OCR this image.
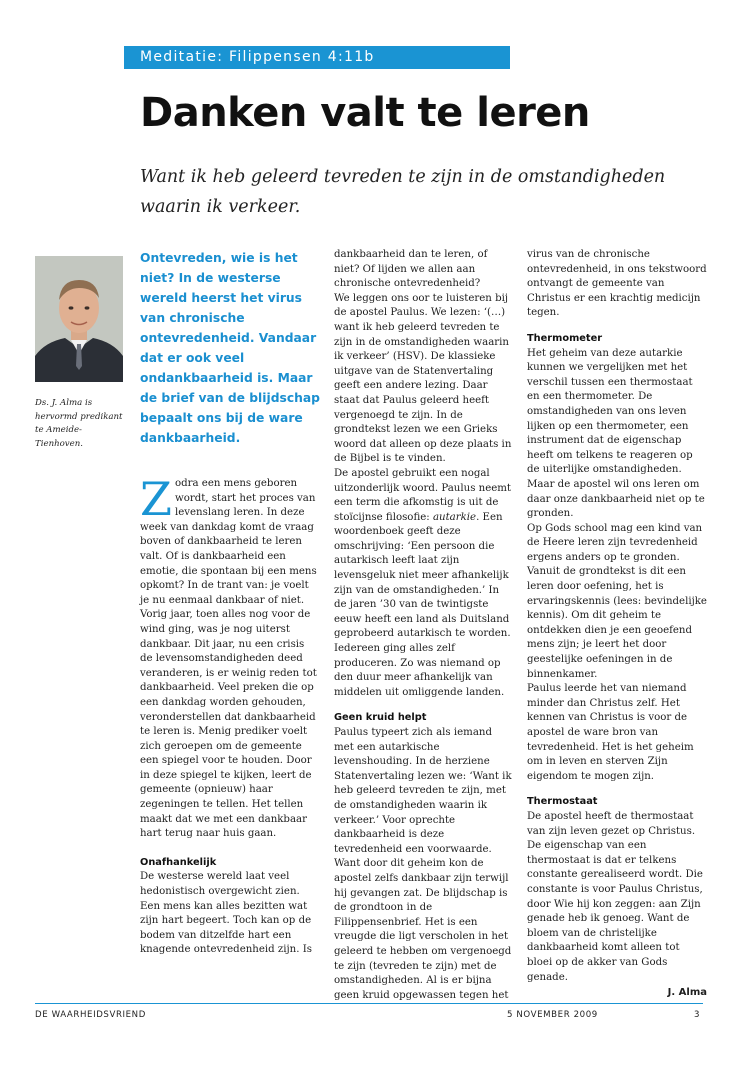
Meditatie: Filippensen 4:11b
Danken valt te leren

Want ik heb geleerd tevreden te zijn in de omstandigheden waarin ik verkeer.

Ds. J. Alma is hervormd predikant te Ameide-Tienhoven.

Ontevreden, wie is het niet? In de westerse wereld heerst het virus van chronische ontevredenheid. Vandaar dat er ook veel ondankbaarheid is. Maar de brief van de blijdschap bepaalt ons bij de ware dankbaarheid.

Zodra een mens geboren wordt, start het proces van levenslang leren. In deze week van dankdag komt de vraag boven of dankbaarheid te leren valt. Of is dankbaarheid een emotie, die spontaan bij een mens opkomt? In de trant van: je voelt je nu eenmaal dankbaar of niet. Vorig jaar, toen alles nog voor de wind ging, was je nog uiterst dankbaar. Dit jaar, nu een crisis de levensomstandigheden deed veranderen, is er weinig reden tot dankbaarheid. Veel preken die op een dankdag worden gehouden, veronderstellen dat dankbaarheid te leren is. Menig prediker voelt zich geroepen om de gemeente een spiegel voor te houden. Door in deze spiegel te kijken, leert de gemeente (opnieuw) haar zegeningen te tellen. Het tellen maakt dat we met een dankbaar hart terug naar huis gaan.

Onafhankelijk

De westerse wereld laat veel hedonistisch overgewicht zien. Een mens kan alles bezitten wat zijn hart begeert. Toch kan op de bodem van ditzelfde hart een knagende ontevredenheid zijn. Is

dankbaarheid dan te leren, of niet? Of lijden we allen aan chronische ontevredenheid?

We leggen ons oor te luisteren bij de apostel Paulus. We lezen: ‘(…) want ik heb geleerd tevreden te zijn in de omstandigheden waarin ik verkeer’ (HSV). De klassieke uitgave van de Statenvertaling geeft een andere lezing. Daar staat dat Paulus geleerd heeft vergenoegd te zijn. In de grondtekst lezen we een Grieks woord dat alleen op deze plaats in de Bijbel is te vinden.

De apostel gebruikt een nogal uitzonderlijk woord. Paulus neemt een term die afkomstig is uit de stoïcijnse filosofie: autarkie. Een woordenboek geeft deze omschrijving: ‘Een persoon die autarkisch leeft laat zijn levensgeluk niet meer afhankelijk zijn van de omstandigheden.’ In de jaren ’30 van de twintigste eeuw heeft een land als Duitsland geprobeerd autarkisch te worden. Iedereen ging alles zelf produceren. Zo was niemand op den duur meer afhankelijk van middelen uit omliggende landen.

Geen kruid helpt

Paulus typeert zich als iemand met een autarkische levenshouding. In de herziene Statenvertaling lezen we: ‘Want ik heb geleerd tevreden te zijn, met de omstandigheden waarin ik verkeer.’ Voor oprechte dankbaarheid is deze tevredenheid een voorwaarde. Want door dit geheim kon de apostel zelfs dankbaar zijn terwijl hij gevangen zat. De blijdschap is de grondtoon in de Filippensenbrief. Het is een vreugde die ligt verscholen in het geleerd te hebben om vergenoegd te zijn (tevreden te zijn) met de omstandigheden. Al is er bijna geen kruid opgewassen tegen het

virus van de chronische ontevredenheid, in ons tekstwoord ontvangt de gemeente van Christus er een krachtig medicijn tegen.

Thermometer

Het geheim van deze autarkie kunnen we vergelijken met het verschil tussen een thermostaat en een thermometer. De omstandigheden van ons leven lijken op een thermometer, een instrument dat de eigenschap heeft om telkens te reageren op de uiterlijke omstandigheden. Maar de apostel wil ons leren om daar onze dankbaarheid niet op te gronden.

Op Gods school mag een kind van de Heere leren zijn tevredenheid ergens anders op te gronden. Vanuit de grondtekst is dit een leren door oefening, het is ervaringskennis (lees: bevindelijke kennis). Om dit geheim te ontdekken dien je een geoefend mens zijn; je leert het door geestelijke oefeningen in de binnenkamer.

Paulus leerde het van niemand minder dan Christus zelf. Het kennen van Christus is voor de apostel de ware bron van tevredenheid. Het is het geheim om in leven en sterven Zijn eigendom te mogen zijn.

Thermostaat

De apostel heeft de thermostaat van zijn leven gezet op Christus. De eigenschap van een thermostaat is dat er telkens constante gerealiseerd wordt. Die constante is voor Paulus Christus, door Wie hij kon zeggen: aan Zijn genade heb ik genoeg. Want de bloem van de christelijke dankbaarheid komt alleen tot bloei op de akker van Gods genade.

J. Alma

DE WAARHEIDSVRIEND	5 NOVEMBER 2009	3
